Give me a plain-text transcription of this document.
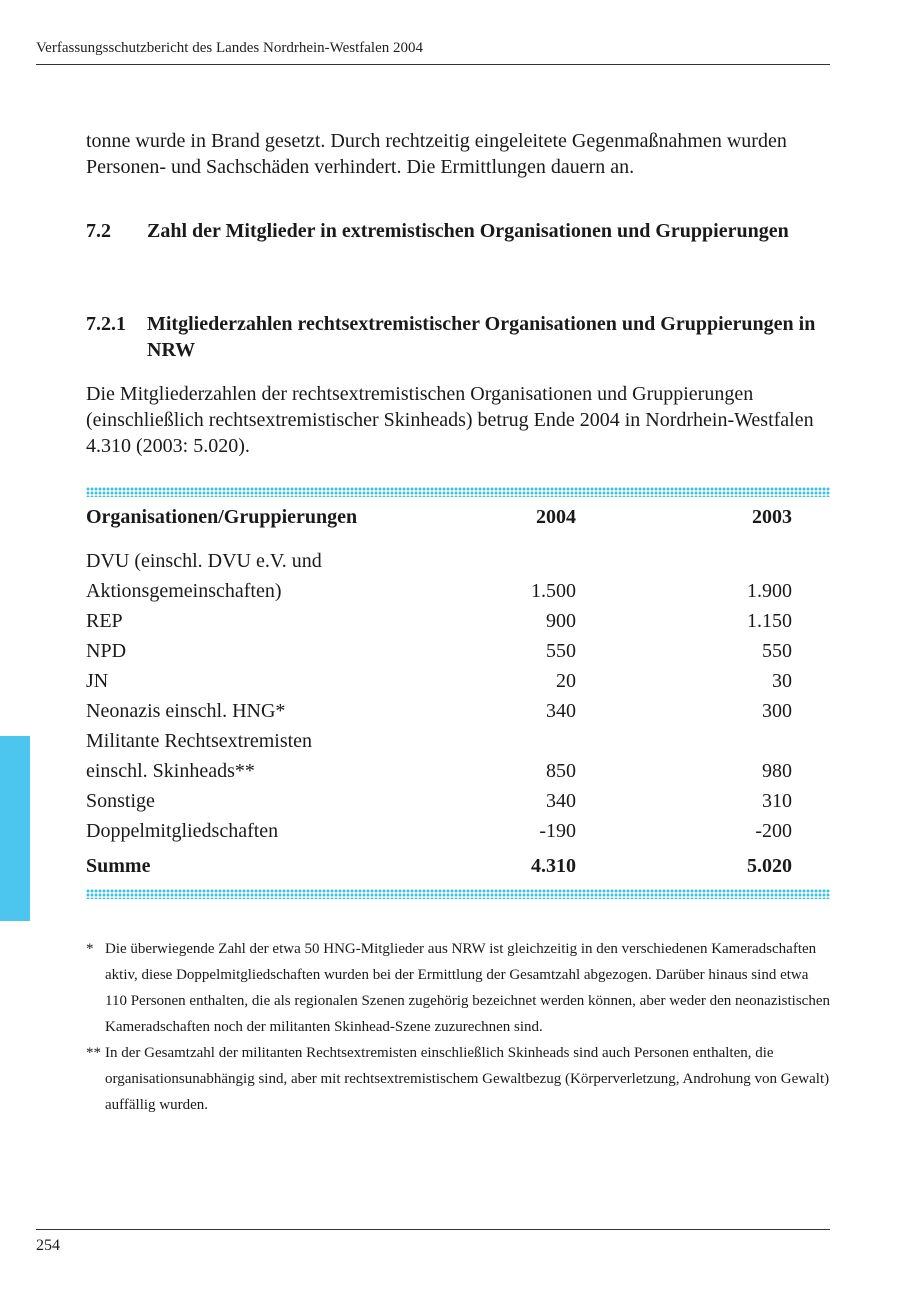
Verfassungsschutzbericht des Landes Nordrhein-Westfalen 2004

tonne wurde in Brand gesetzt. Durch rechtzeitig eingeleitete Gegenmaßnahmen wurden Personen- und Sachschäden verhindert. Die Ermittlungen dauern an.

7.2 Zahl der Mitglieder in extremistischen Organisationen und Gruppierungen
7.2.1 Mitgliederzahlen rechtsextremistischer Organisationen und Gruppierungen in NRW

Die Mitgliederzahlen der rechtsextremistischen Organisationen und Gruppierungen (einschließlich rechtsextremistischer Skinheads) betrug Ende 2004 in Nordrhein-Westfalen 4.310 (2003: 5.020).

Organisationen/Gruppierungen	2004	2003
DVU (einschl. DVU e.V. und
Aktionsgemeinschaften)	1.500	1.900
REP	900	1.150
NPD	550	550
JN	20	30
Neonazis einschl. HNG*	340	300
Militante Rechtsextremisten
einschl. Skinheads**	850	980
Sonstige	340	310
Doppelmitgliedschaften	-190	-200
Summe	4.310	5.020

* Die überwiegende Zahl der etwa 50 HNG-Mitglieder aus NRW ist gleichzeitig in den verschiedenen Kameradschaften aktiv, diese Doppelmitgliedschaften wurden bei der Ermittlung der Gesamtzahl abgezogen. Darüber hinaus sind etwa 110 Personen enthalten, die als regionalen Szenen zugehörig bezeichnet werden können, aber weder den neonazistischen Kameradschaften noch der militanten Skinhead-Szene zuzurechnen sind.

** In der Gesamtzahl der militanten Rechtsextremisten einschließlich Skinheads sind auch Personen enthalten, die organisationsunabhängig sind, aber mit rechtsextremistischem Gewaltbezug (Körperverletzung, Androhung von Gewalt) auffällig wurden.

254
